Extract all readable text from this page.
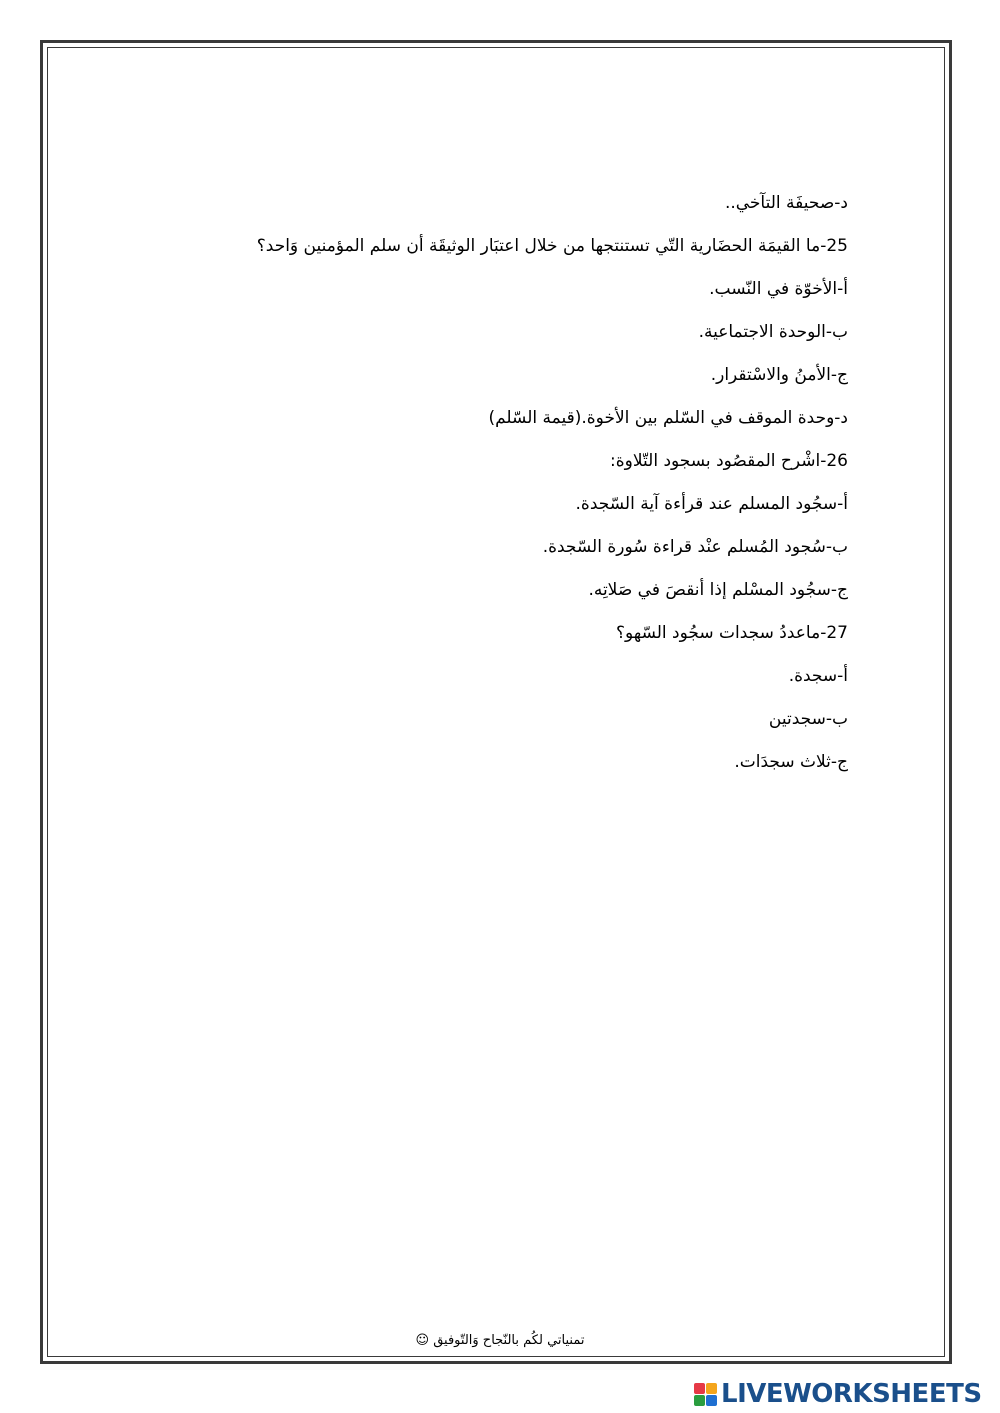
د-صحيفَة التآخي..
25-ما القيمَة الحضَارية التّي تستنتجها من خلال اعتبَار الوثيقَة أن سلم المؤمنين وَاحد؟
أ-الأخوّة في النّسب.
ب-الوحدة الاجتماعية.
ج-الأمنُ والاسْتقرار.
د-وحدة الموقف في السّلم بين الأخوة.(قيمة السّلم)
26-اشْرح المقصُود بسجود التّلاوة:
أ-سجُود المسلم عند قرأءة آية السّجدة.
ب-سُجود المُسلم عنْد قراءة سُورة السّجدة.
ج-سجُود المسْلم إذا أنقصَ في صَلاتِه.
27-ماعددُ سجدات سجُود السّهو؟
أ-سجدة.
ب-سجدتين
ج-ثلاث سجدَات.
تمنياتي لكُم بالنّجاح وَالتّوفيق ☺
LIVEWORKSHEETS
